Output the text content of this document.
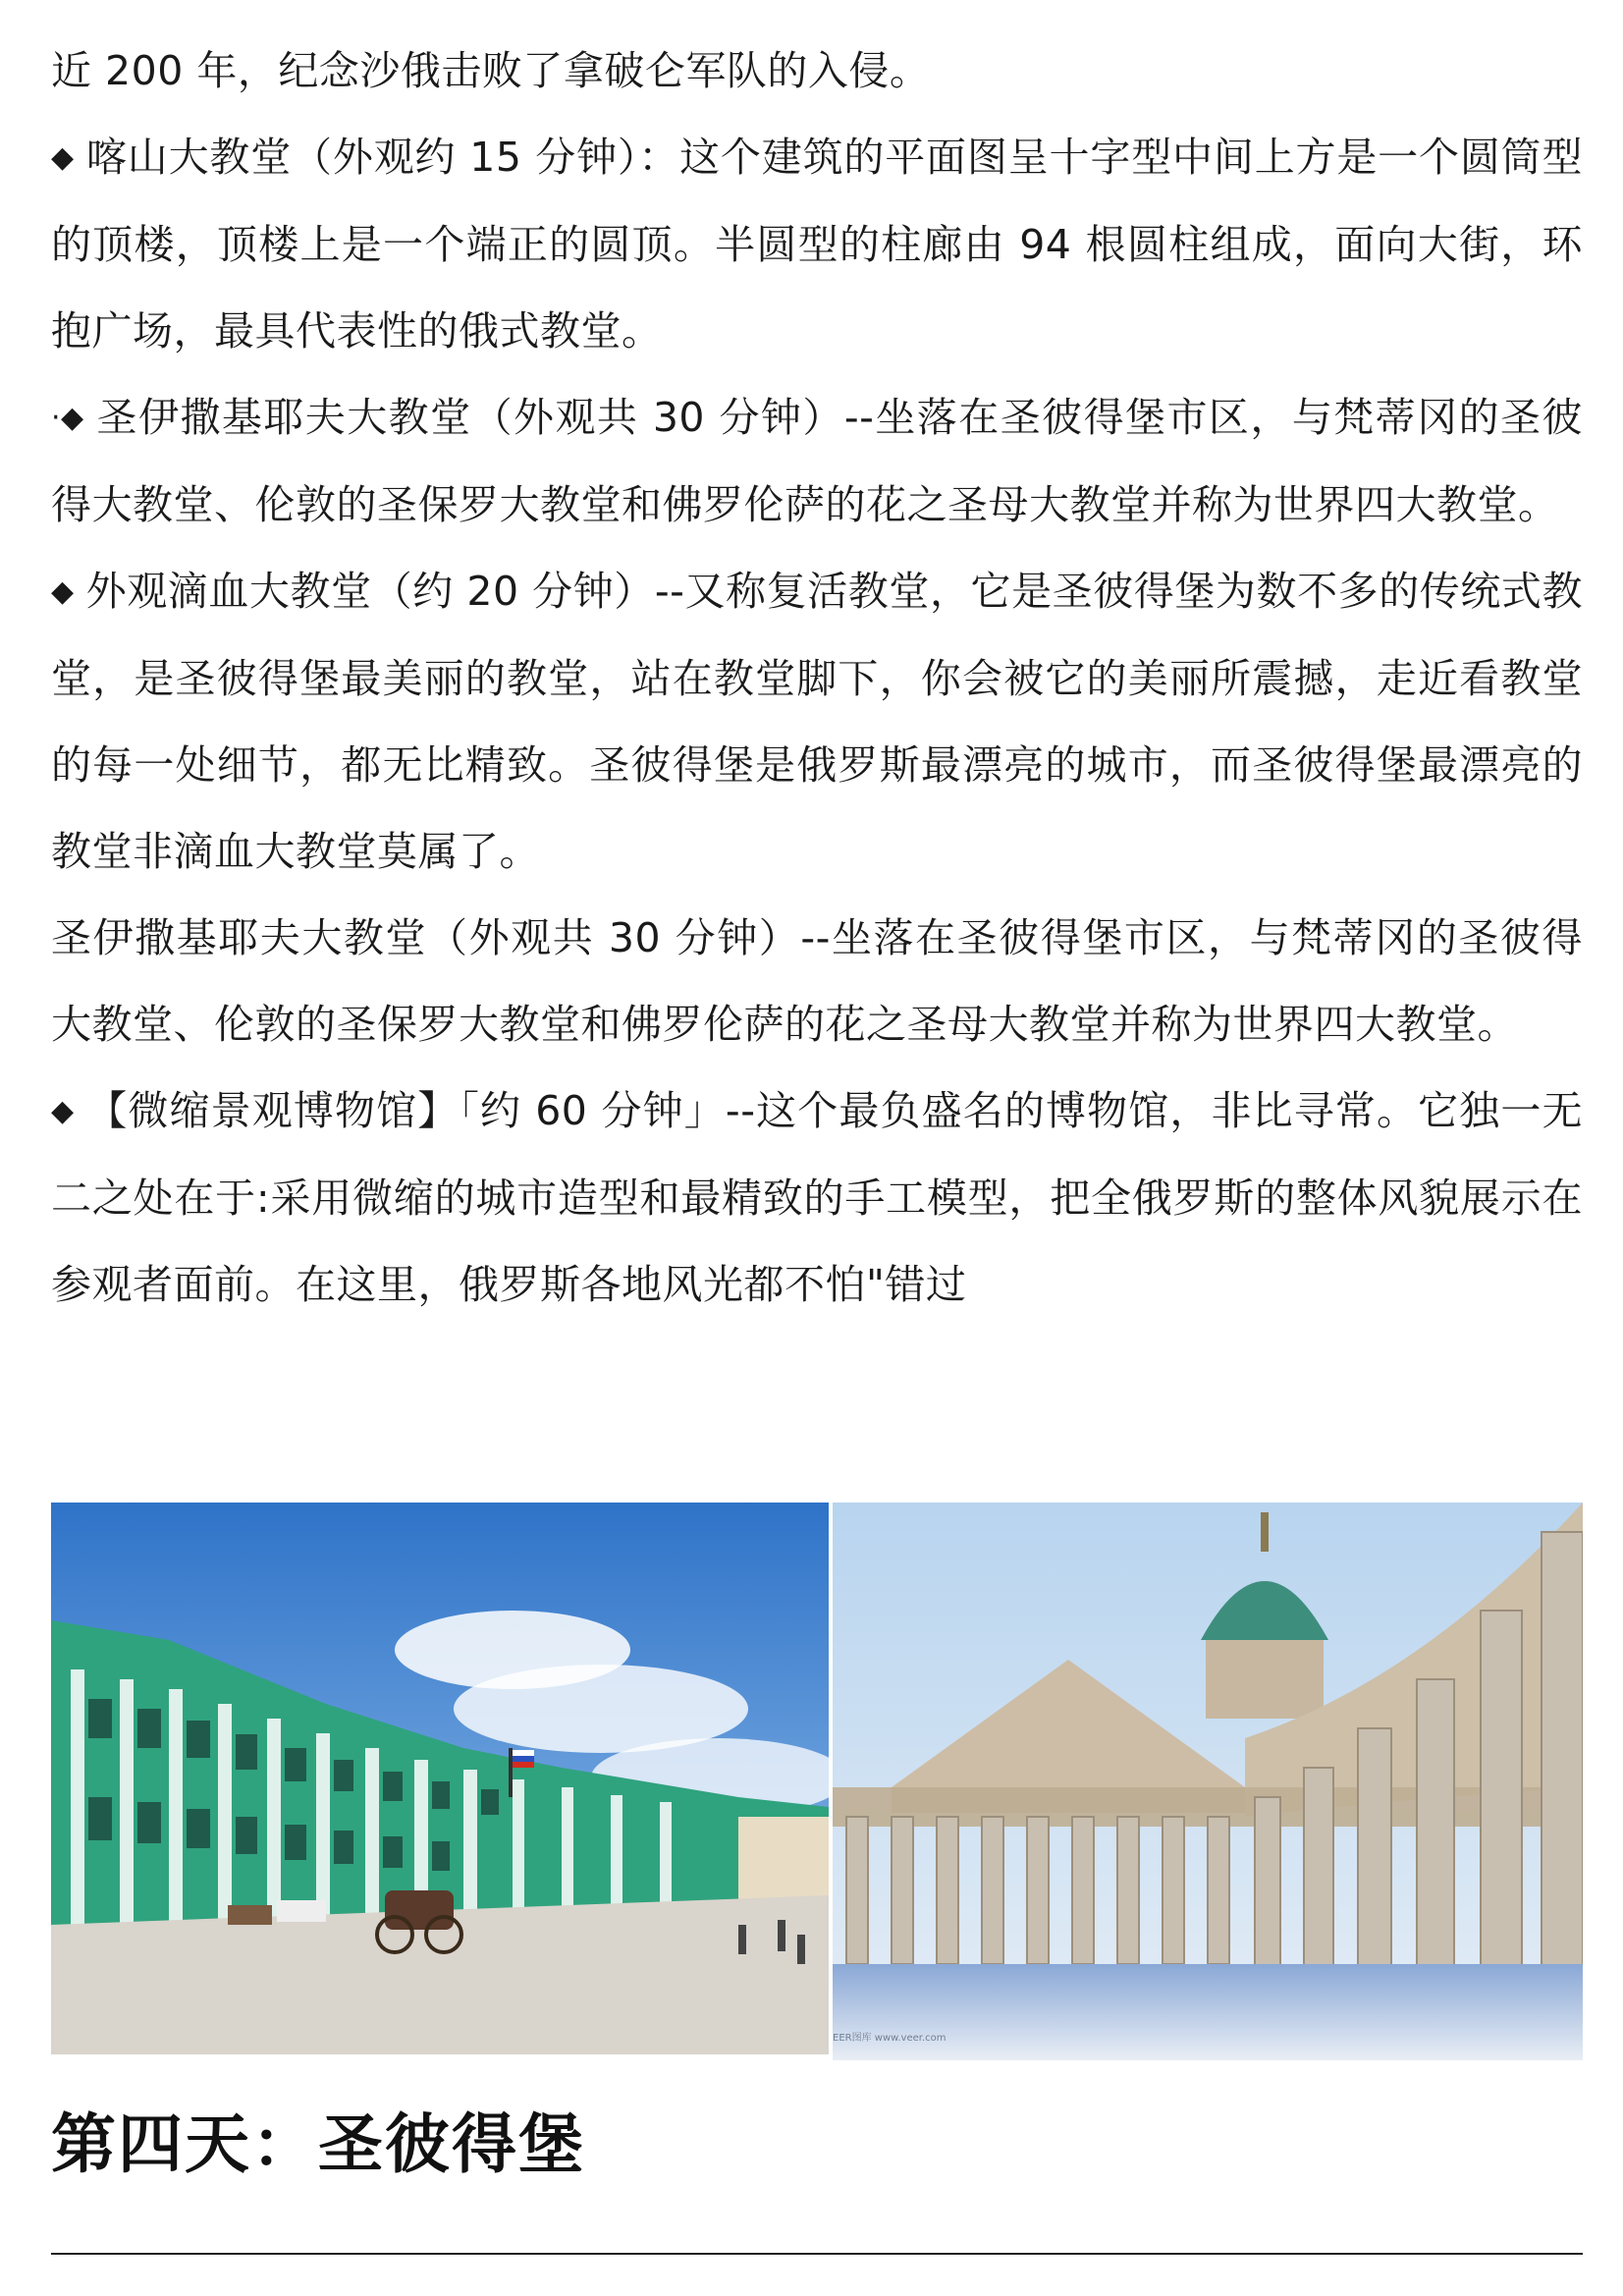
近 200 年，纪念沙俄击败了拿破仑军队的入侵。

◆ 喀山大教堂（外观约 15 分钟）：这个建筑的平面图呈十字型中间上方是一个圆筒型的顶楼，顶楼上是一个端正的圆顶。半圆型的柱廊由 94 根圆柱组成，面向大街，环抱广场，最具代表性的俄式教堂。

·◆ 圣伊撒基耶夫大教堂（外观共 30 分钟）--坐落在圣彼得堡市区，与梵蒂冈的圣彼得大教堂、伦敦的圣保罗大教堂和佛罗伦萨的花之圣母大教堂并称为世界四大教堂。

◆ 外观滴血大教堂（约 20 分钟）--又称复活教堂，它是圣彼得堡为数不多的传统式教堂，是圣彼得堡最美丽的教堂，站在教堂脚下，你会被它的美丽所震撼，走近看教堂的每一处细节，都无比精致。圣彼得堡是俄罗斯最漂亮的城市，而圣彼得堡最漂亮的教堂非滴血大教堂莫属了。

圣伊撒基耶夫大教堂（外观共 30 分钟）--坐落在圣彼得堡市区，与梵蒂冈的圣彼得大教堂、伦敦的圣保罗大教堂和佛罗伦萨的花之圣母大教堂并称为世界四大教堂。

◆ 【微缩景观博物馆】「约 60 分钟」--这个最负盛名的博物馆，非比寻常。它独一无二之处在于:采用微缩的城市造型和最精致的手工模型，把全俄罗斯的整体风貌展示在参观者面前。在这里，俄罗斯各地风光都不怕"错过

EER图库 www.veer.com
第四天：圣彼得堡
